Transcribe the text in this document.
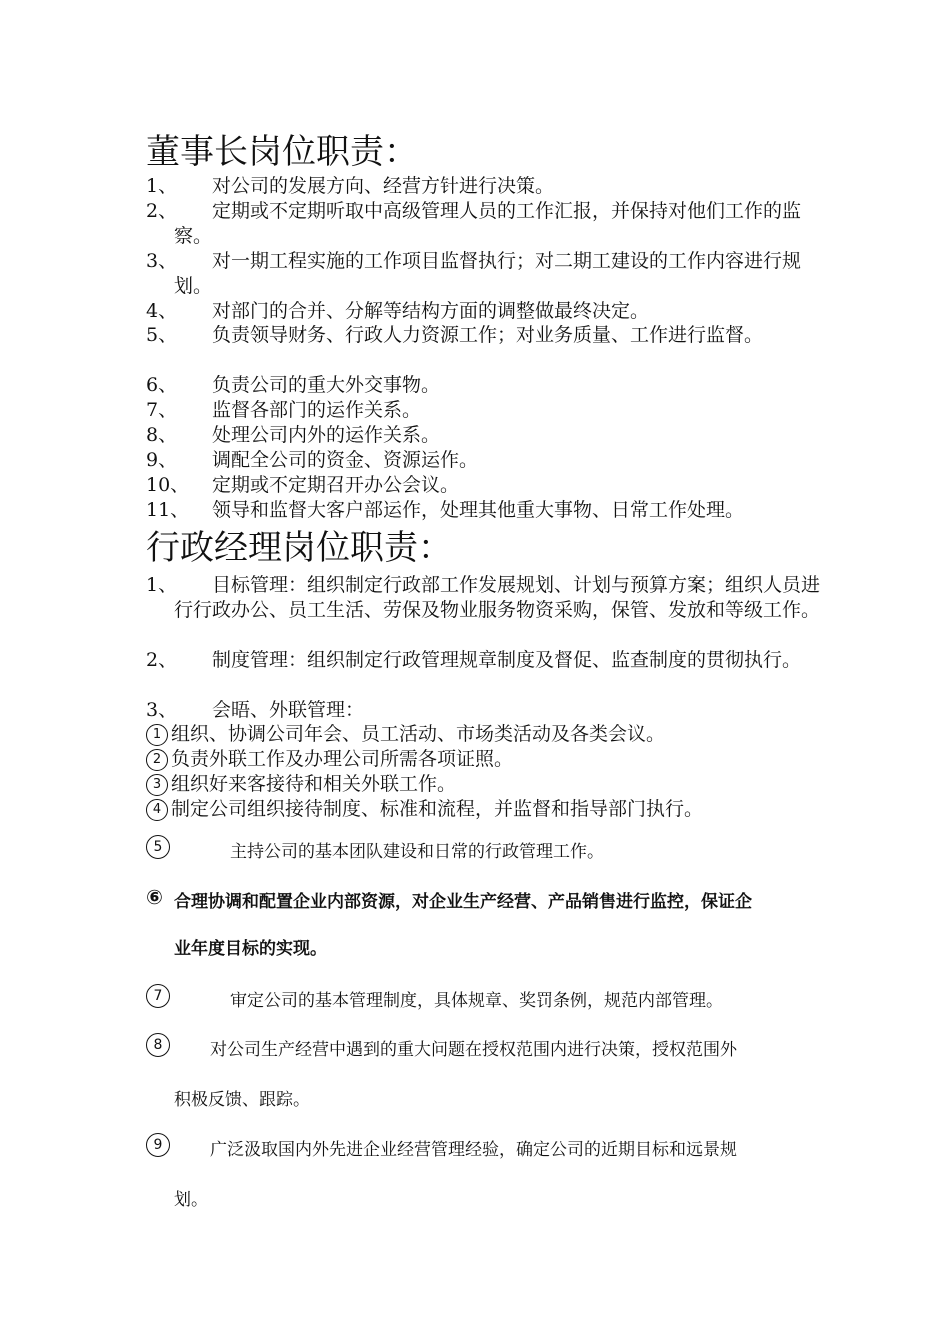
董事长岗位职责：
1、	对公司的发展方向、经营方针进行决策。
2、	定期或不定期听取中高级管理人员的工作汇报，并保持对他们工作的监察。
3、	对一期工程实施的工作项目监督执行；对二期工建设的工作内容进行规划。
4、	对部门的合并、分解等结构方面的调整做最终决定。
5、	负责领导财务、行政人力资源工作；对业务质量、工作进行监督。
6、	负责公司的重大外交事物。
7、	监督各部门的运作关系。
8、	处理公司内外的运作关系。
9、	调配全公司的资金、资源运作。
10、	定期或不定期召开办公会议。
11、	领导和监督大客户部运作，处理其他重大事物、日常工作处理。
行政经理岗位职责：
1、	目标管理：组织制定行政部工作发展规划、计划与预算方案；组织人员进行行政办公、员工生活、劳保及物业服务物资采购，保管、发放和等级工作。
2、	制度管理：组织制定行政管理规章制度及督促、监查制度的贯彻执行。
3、	会晤、外联管理：
1 组织、协调公司年会、员工活动、市场类活动及各类会议。
2 负责外联工作及办理公司所需各项证照。
3 组织好来客接待和相关外联工作。
4 制定公司组织接待制度、标准和流程，并监督和指导部门执行。
5	主持公司的基本团队建设和日常的行政管理工作。
⑥ 合理协调和配置企业内部资源，对企业生产经营、产品销售进行监控，保证企
业年度目标的实现。
7	审定公司的基本管理制度，具体规章、奖罚条例，规范内部管理。
8	对公司生产经营中遇到的重大问题在授权范围内进行决策，授权范围外
积极反馈、跟踪。
9	广泛汲取国内外先进企业经营管理经验，确定公司的近期目标和远景规
划。
